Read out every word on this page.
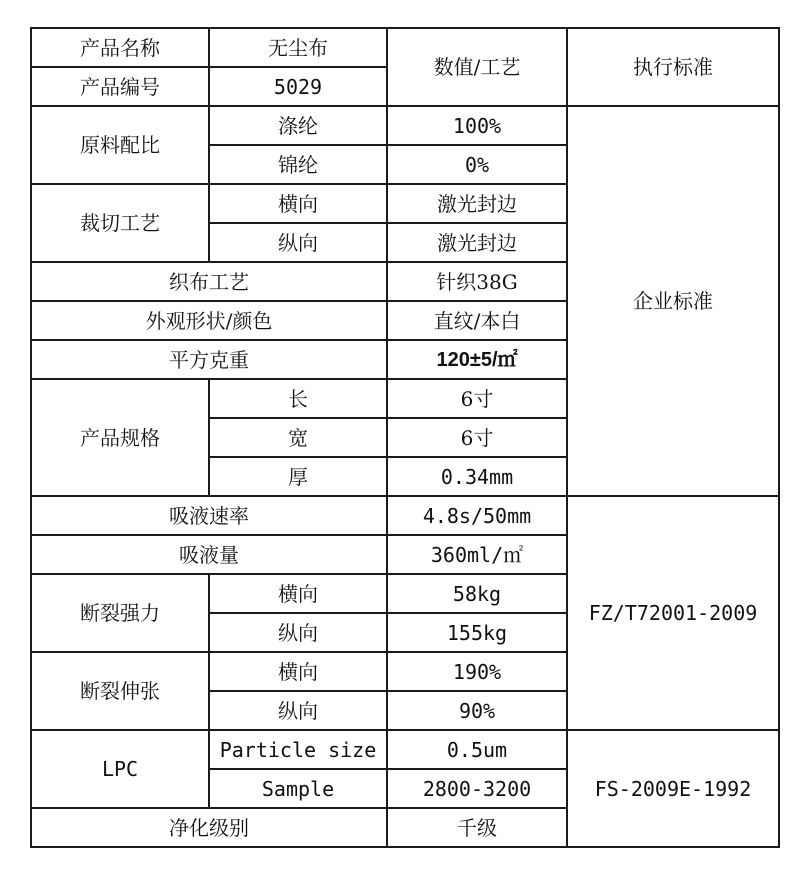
产品名称	无尘布	数值/工艺	执行标准
产品编号	5029		
原料配比	涤纶	100%	企业标准
	锦纶	0%	
裁切工艺	横向	激光封边	
	纵向	激光封边	
织布工艺		针织38G	
外观形状/颜色		直纹/本白	
平方克重		120±5/㎡	
产品规格	长	6寸	
	宽	6寸	
	厚	0.34mm	
吸液速率		4.8s/50mm	FZ/T72001-2009
吸液量		360ml/㎡	
断裂强力	横向	58kg	
	纵向	155kg	
断裂伸张	横向	190%	
	纵向	90%	
LPC	Particle size	0.5um	FS-2009E-1992
	Sample	2800-3200	
净化级别		千级	
